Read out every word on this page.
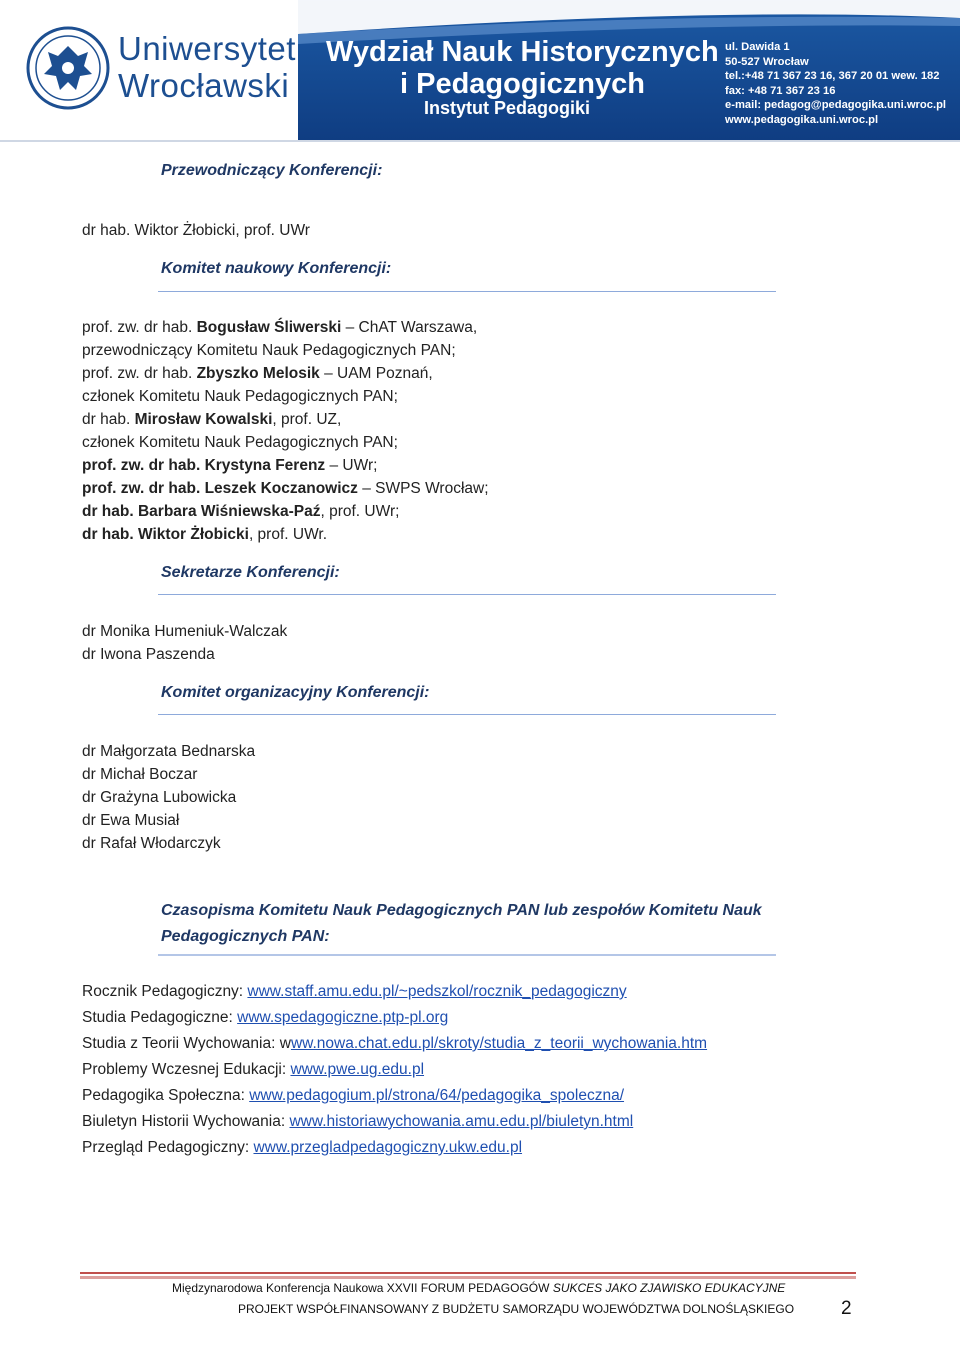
Uniwersytet
Wrocławski
Wydział Nauk Historycznych
i Pedagogicznych
Instytut Pedagogiki
ul. Dawida 1
50-527 Wrocław
tel.:+48 71 367 23 16, 367 20 01 wew. 182
fax: +48 71 367 23 16
e-mail: pedagog@pedagogika.uni.wroc.pl
www.pedagogika.uni.wroc.pl
Przewodniczący Konferencji:
dr hab. Wiktor Żłobicki, prof. UWr
Komitet naukowy Konferencji:
prof. zw. dr hab. Bogusław Śliwerski – ChAT Warszawa,
przewodniczący Komitetu Nauk Pedagogicznych PAN;
prof. zw. dr hab. Zbyszko Melosik – UAM Poznań,
członek Komitetu Nauk Pedagogicznych PAN;
dr hab. Mirosław Kowalski, prof. UZ,
członek Komitetu Nauk Pedagogicznych PAN;
prof. zw. dr hab. Krystyna Ferenz – UWr;
prof. zw. dr hab. Leszek Koczanowicz – SWPS Wrocław;
dr hab. Barbara Wiśniewska-Paź, prof. UWr;
dr hab. Wiktor Żłobicki, prof. UWr.
Sekretarze Konferencji:
dr Monika Humeniuk-Walczak
dr Iwona Paszenda
Komitet organizacyjny Konferencji:
dr Małgorzata Bednarska
dr Michał Boczar
dr Grażyna Lubowicka
dr Ewa Musiał
dr Rafał Włodarczyk
Czasopisma Komitetu Nauk Pedagogicznych PAN lub zespołów Komitetu Nauk
Pedagogicznych PAN:
Rocznik Pedagogiczny: www.staff.amu.edu.pl/~pedszkol/rocznik_pedagogiczny
Studia Pedagogiczne: www.spedagogiczne.ptp-pl.org
Studia z Teorii Wychowania: www.nowa.chat.edu.pl/skroty/studia_z_teorii_wychowania.htm
Problemy Wczesnej Edukacji: www.pwe.ug.edu.pl
Pedagogika Społeczna: www.pedagogium.pl/strona/64/pedagogika_spoleczna/
Biuletyn Historii Wychowania: www.historiawychowania.amu.edu.pl/biuletyn.html
Przegląd Pedagogiczny: www.przegladpedagogiczny.ukw.edu.pl
Międzynarodowa Konferencja Naukowa XXVII FORUM PEDAGOGÓW SUKCES JAKO ZJAWISKO EDUKACYJNE
PROJEKT WSPÓŁFINANSOWANY Z BUDŻETU SAMORZĄDU WOJEWÓDZTWA DOLNOŚLĄSKIEGO 2
